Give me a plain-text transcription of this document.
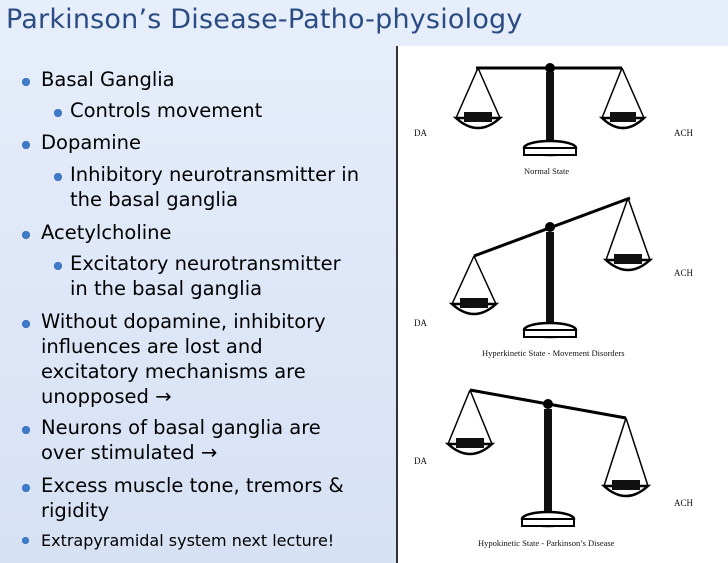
Parkinson’s Disease-Patho-physiology
Basal Ganglia
Controls movement
Dopamine
Inhibitory neurotransmitter in
the basal ganglia
Acetylcholine
Excitatory neurotransmitter
in the basal ganglia
Without dopamine, inhibitory
influences are lost and
excitatory mechanisms are
unopposed →
Neurons of basal ganglia are
over stimulated →
Excess muscle tone, tremors &
rigidity
Extrapyramidal system next lecture!
DA	ACH
Normal State
DA
ACH
Hyperkinetic State - Movement Disorders
DA
ACH
Hypokinetic State - Parkinson’s Disease
